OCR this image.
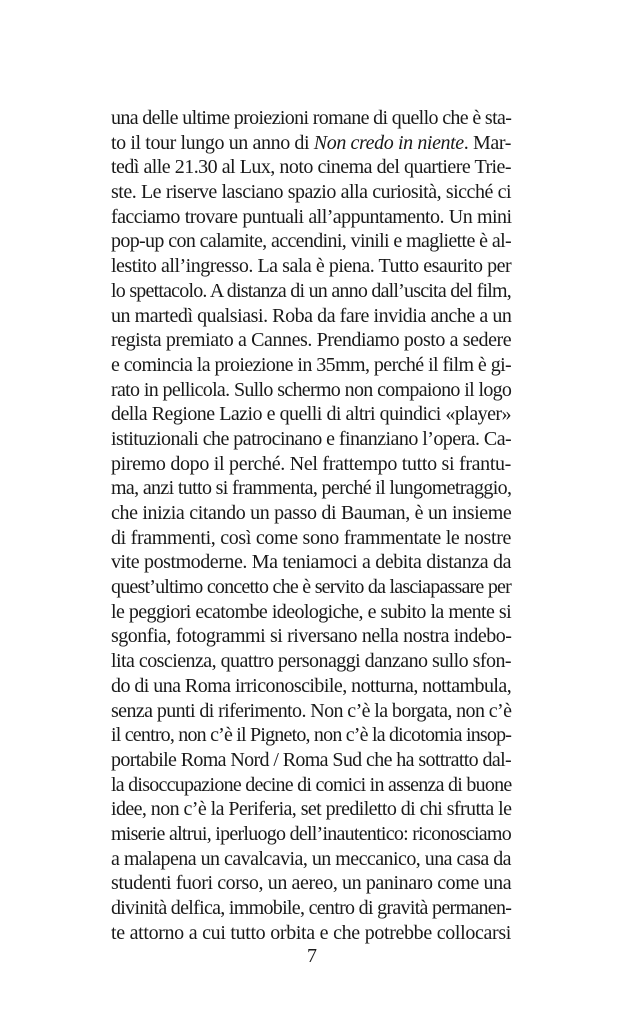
una delle ultime proiezioni romane di quello che è sta-
to il tour lungo un anno di Non credo in niente. Mar-
tedì alle 21.30 al Lux, noto cinema del quartiere Trie-
ste. Le riserve lasciano spazio alla curiosità, sicché ci
facciamo trovare puntuali all’appuntamento. Un mini
pop-up con calamite, accendini, vinili e magliette è al-
lestito all’ingresso. La sala è piena. Tutto esaurito per
lo spettacolo. A distanza di un anno dall’uscita del film,
un martedì qualsiasi. Roba da fare invidia anche a un
regista premiato a Cannes. Prendiamo posto a sedere
e comincia la proiezione in 35mm, perché il film è gi-
rato in pellicola. Sullo schermo non compaiono il logo
della Regione Lazio e quelli di altri quindici «player»
istituzionali che patrocinano e finanziano l’opera. Ca-
piremo dopo il perché. Nel frattempo tutto si frantu-
ma, anzi tutto si frammenta, perché il lungometraggio,
che inizia citando un passo di Bauman, è un insieme
di frammenti, così come sono frammentate le nostre
vite postmoderne. Ma teniamoci a debita distanza da
quest’ultimo concetto che è servito da lasciapassare per
le peggiori ecatombe ideologiche, e subito la mente si
sgonfia, fotogrammi si riversano nella nostra indebo-
lita coscienza, quattro personaggi danzano sullo sfon-
do di una Roma irriconoscibile, notturna, nottambula,
senza punti di riferimento. Non c’è la borgata, non c’è
il centro, non c’è il Pigneto, non c’è la dicotomia insop-
portabile Roma Nord / Roma Sud che ha sottratto dal-
la disoccupazione decine di comici in assenza di buone
idee, non c’è la Periferia, set prediletto di chi sfrutta le
miserie altrui, iperluogo dell’inautentico: riconosciamo
a malapena un cavalcavia, un meccanico, una casa da
studenti fuori corso, un aereo, un paninaro come una
divinità delfica, immobile, centro di gravità permanen-
te attorno a cui tutto orbita e che potrebbe collocarsi
7
